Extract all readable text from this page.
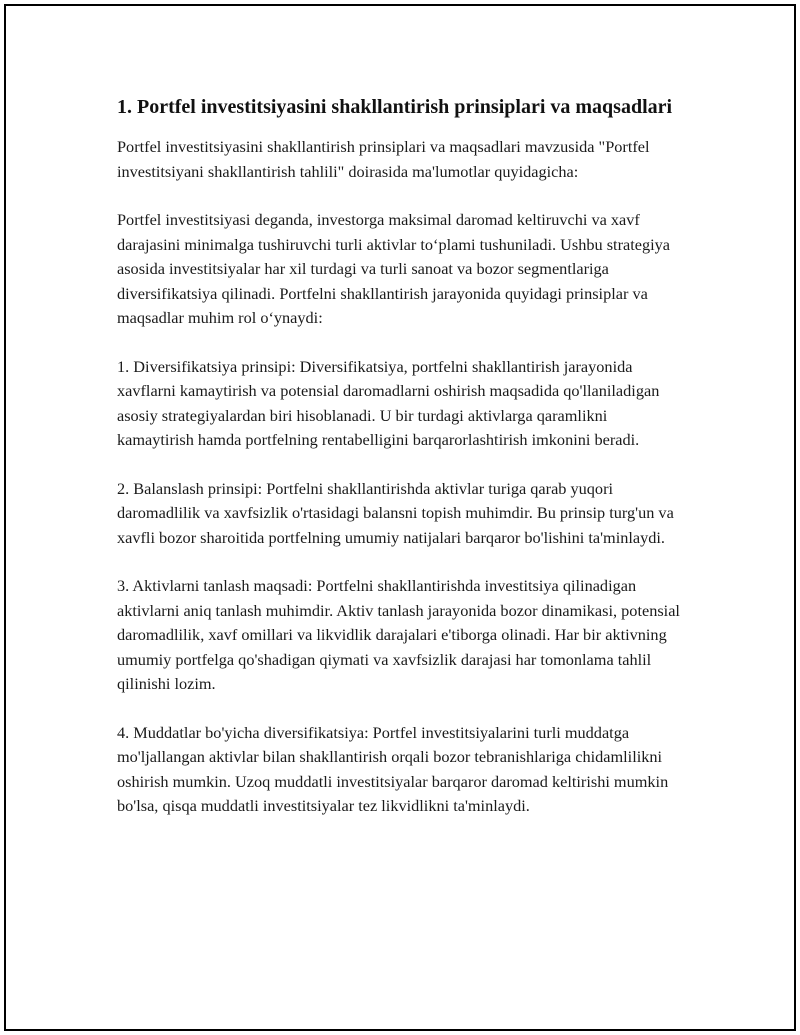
1. Portfel investitsiyasini shakllantirish prinsiplari va maqsadlari

Portfel investitsiyasini shakllantirish prinsiplari va maqsadlari mavzusida "Portfel investitsiyani shakllantirish tahlili" doirasida ma'lumotlar quyidagicha:

Portfel investitsiyasi deganda, investorga maksimal daromad keltiruvchi va xavf darajasini minimalga tushiruvchi turli aktivlar to‘plami tushuniladi. Ushbu strategiya asosida investitsiyalar har xil turdagi va turli sanoat va bozor segmentlariga diversifikatsiya qilinadi. Portfelni shakllantirish jarayonida quyidagi prinsiplar va maqsadlar muhim rol o‘ynaydi:

1. Diversifikatsiya prinsipi: Diversifikatsiya, portfelni shakllantirish jarayonida xavflarni kamaytirish va potensial daromadlarni oshirish maqsadida qo'llaniladigan asosiy strategiyalardan biri hisoblanadi. U bir turdagi aktivlarga qaramlikni kamaytirish hamda portfelning rentabelligini barqarorlashtirish imkonini beradi.

2. Balanslash prinsipi: Portfelni shakllantirishda aktivlar turiga qarab yuqori daromadlilik va xavfsizlik o'rtasidagi balansni topish muhimdir. Bu prinsip turg'un va xavfli bozor sharoitida portfelning umumiy natijalari barqaror bo'lishini ta'minlaydi.

3. Aktivlarni tanlash maqsadi: Portfelni shakllantirishda investitsiya qilinadigan aktivlarni aniq tanlash muhimdir. Aktiv tanlash jarayonida bozor dinamikasi, potensial daromadlilik, xavf omillari va likvidlik darajalari e'tiborga olinadi. Har bir aktivning umumiy portfelga qo'shadigan qiymati va xavfsizlik darajasi har tomonlama tahlil qilinishi lozim.

4. Muddatlar bo'yicha diversifikatsiya: Portfel investitsiyalarini turli muddatga mo'ljallangan aktivlar bilan shakllantirish orqali bozor tebranishlariga chidamlilikni oshirish mumkin. Uzoq muddatli investitsiyalar barqaror daromad keltirishi mumkin bo'lsa, qisqa muddatli investitsiyalar tez likvidlikni ta'minlaydi.
